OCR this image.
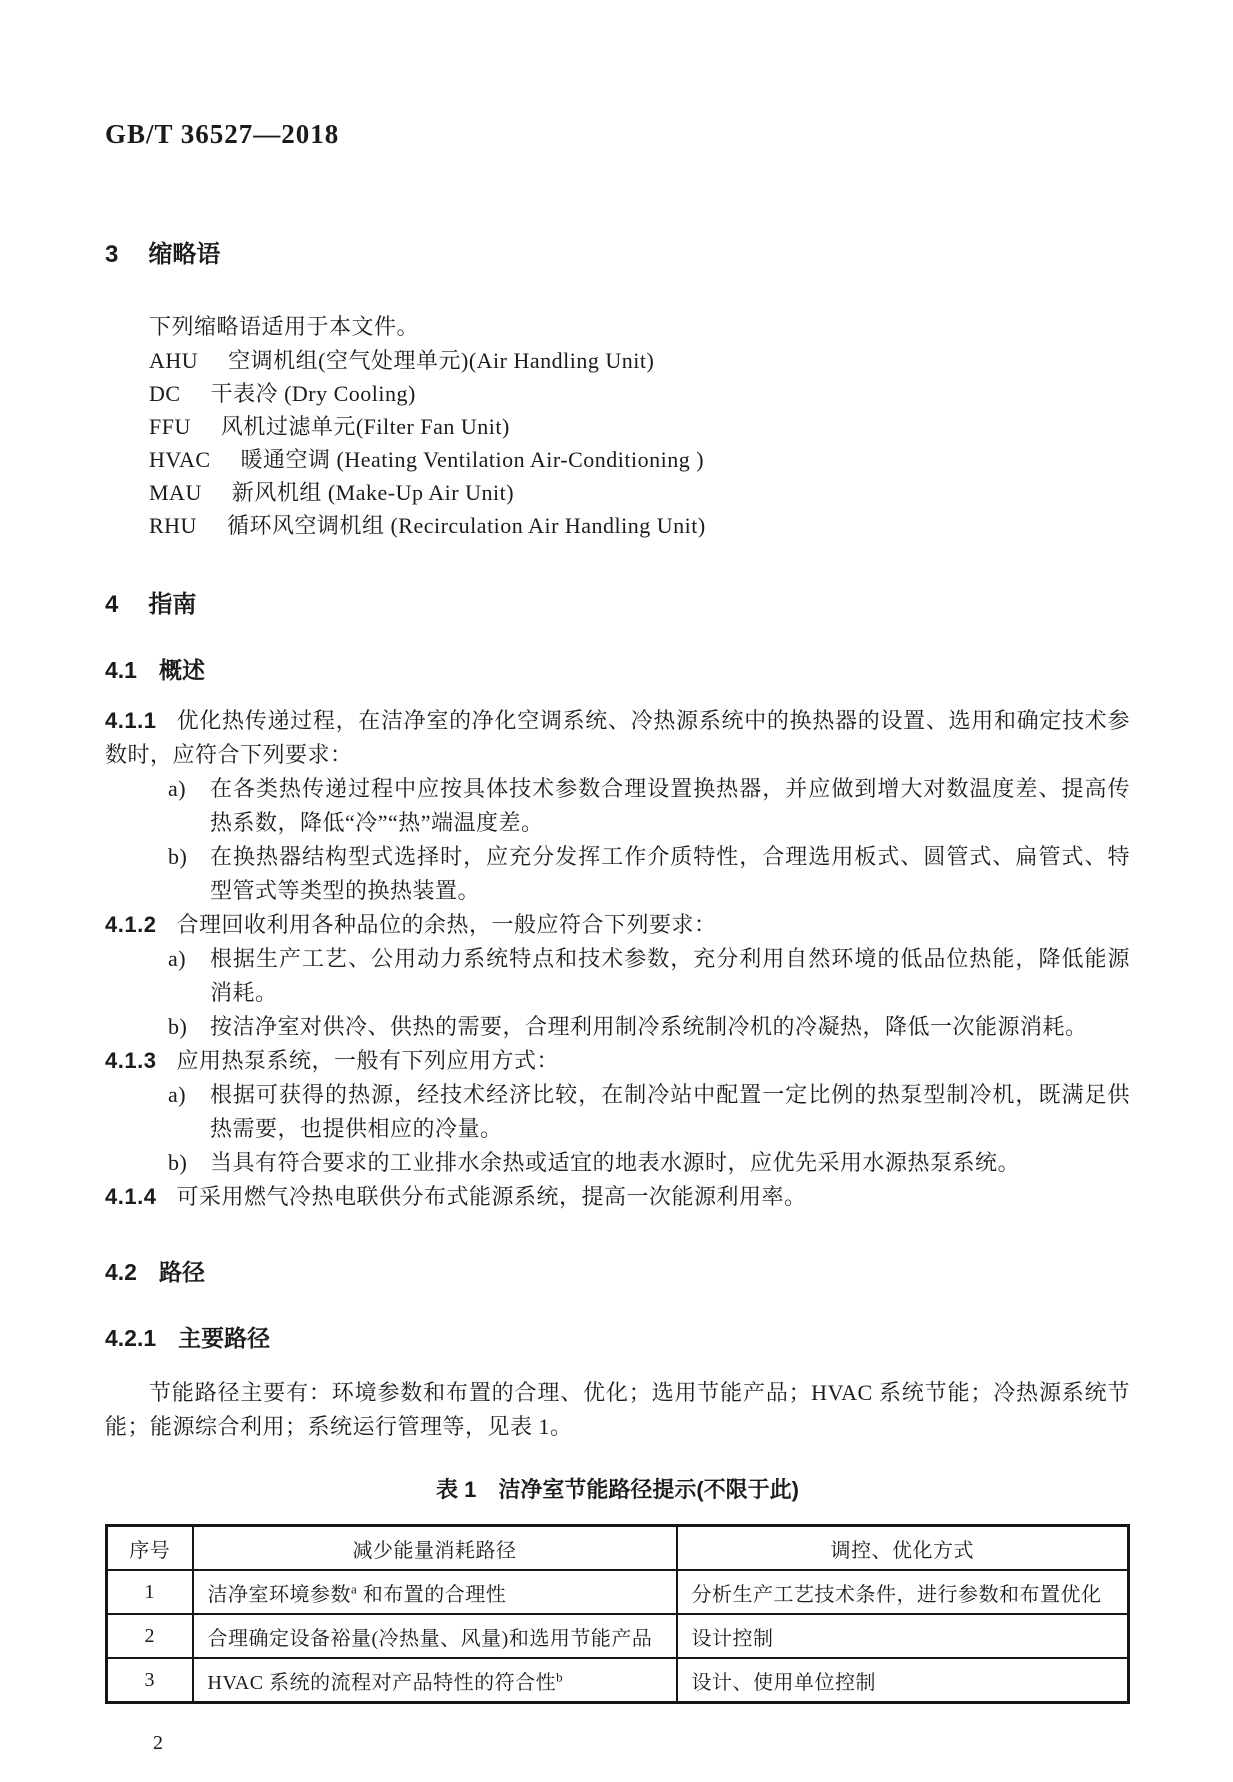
GB/T 36527—2018
3 缩略语
下列缩略语适用于本文件。
AHU 空调机组(空气处理单元)(Air Handling Unit)
DC 干表冷 (Dry Cooling)
FFU 风机过滤单元(Filter Fan Unit)
HVAC 暖通空调 (Heating Ventilation Air-Conditioning )
MAU 新风机组 (Make-Up Air Unit)
RHU 循环风空调机组 (Recirculation Air Handling Unit)
4 指南
4.1 概述
4.1.1 优化热传递过程，在洁净室的净化空调系统、冷热源系统中的换热器的设置、选用和确定技术参数时，应符合下列要求：
a) 在各类热传递过程中应按具体技术参数合理设置换热器，并应做到增大对数温度差、提高传热系数，降低“冷”“热”端温度差。
b) 在换热器结构型式选择时，应充分发挥工作介质特性，合理选用板式、圆管式、扁管式、特型管式等类型的换热装置。
4.1.2 合理回收利用各种品位的余热，一般应符合下列要求：
a) 根据生产工艺、公用动力系统特点和技术参数，充分利用自然环境的低品位热能，降低能源消耗。
b) 按洁净室对供冷、供热的需要，合理利用制冷系统制冷机的冷凝热，降低一次能源消耗。
4.1.3 应用热泵系统，一般有下列应用方式：
a) 根据可获得的热源，经技术经济比较，在制冷站中配置一定比例的热泵型制冷机，既满足供热需要，也提供相应的冷量。
b) 当具有符合要求的工业排水余热或适宜的地表水源时，应优先采用水源热泵系统。
4.1.4 可采用燃气冷热电联供分布式能源系统，提高一次能源利用率。
4.2 路径
4.2.1 主要路径
节能路径主要有：环境参数和布置的合理、优化；选用节能产品；HVAC 系统节能；冷热源系统节能；能源综合利用；系统运行管理等，见表 1。
表 1　洁净室节能路径提示(不限于此)
序号	减少能量消耗路径	调控、优化方式
1	洁净室环境参数$^a$ 和布置的合理性	分析生产工艺技术条件，进行参数和布置优化
2	合理确定设备裕量(冷热量、风量)和选用节能产品	设计控制
3	HVAC 系统的流程对产品特性的符合性$^b$	设计、使用单位控制
2
